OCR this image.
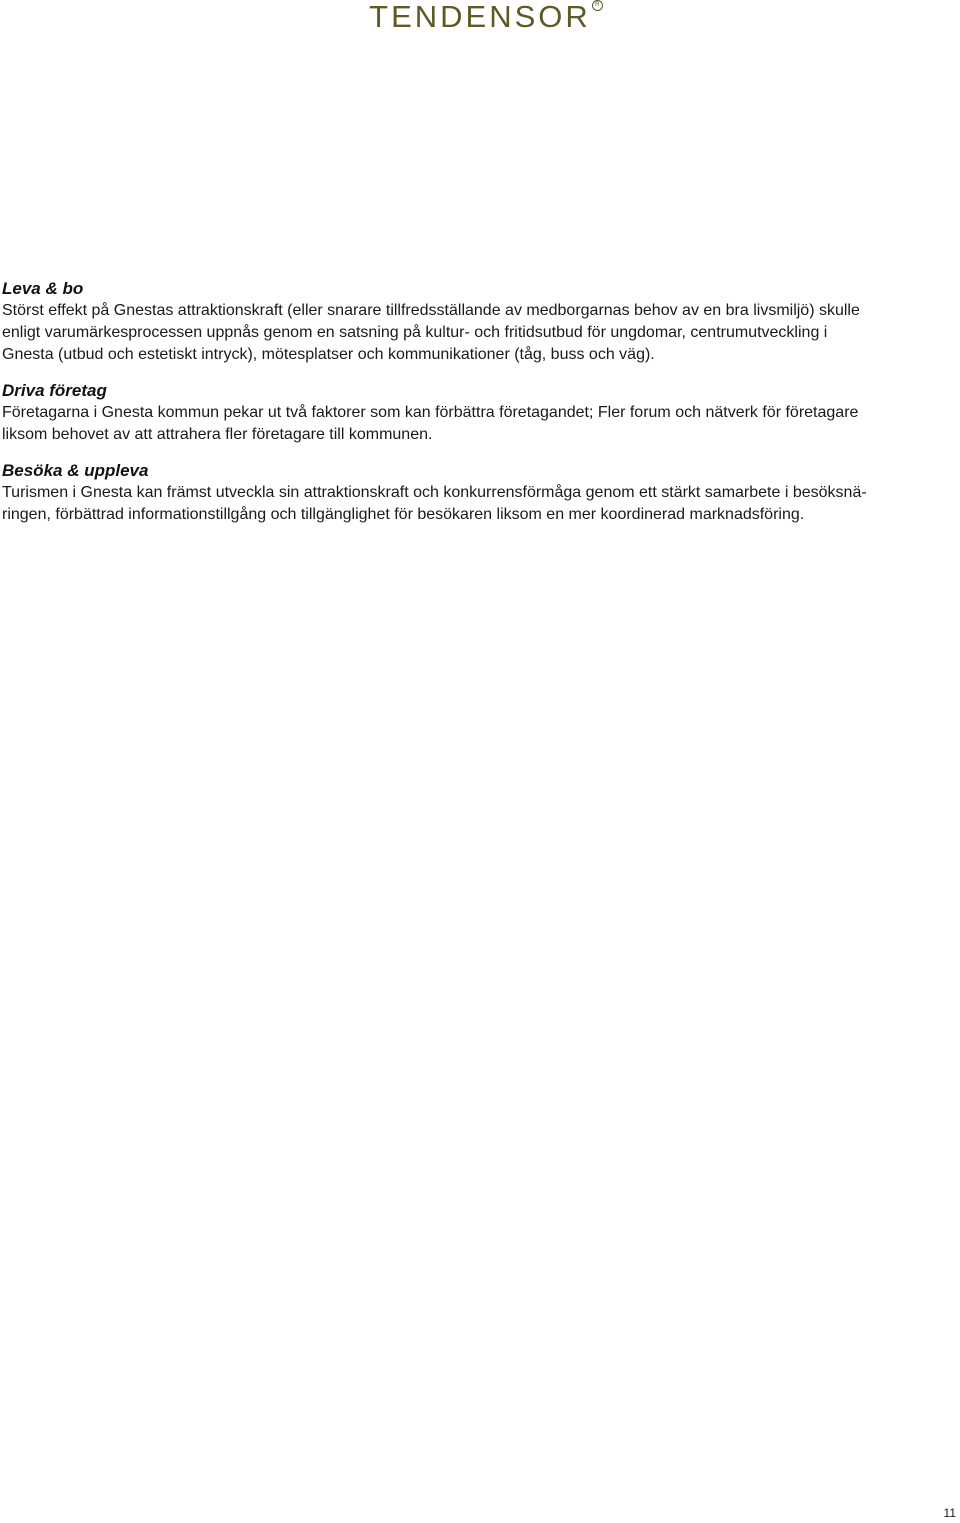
TENDENSOR R

Leva & bo

Störst effekt på Gnestas attraktionskraft (eller snarare tillfredsställande av medborgarnas behov av en bra livsmiljö) skulle

enligt varumärkesprocessen uppnås genom en satsning på kultur- och fritidsutbud för ungdomar, centrumutveckling i

Gnesta (utbud och estetiskt intryck), mötesplatser och kommunikationer (tåg, buss och väg).

Driva företag

Företagarna i Gnesta kommun pekar ut två faktorer som kan förbättra företagandet; Fler forum och nätverk för företagare

liksom behovet av att attrahera fler företagare till kommunen.

Besöka & uppleva

Turismen i Gnesta kan främst utveckla sin attraktionskraft och konkurrensförmåga genom ett stärkt samarbete i besöksnä-

ringen, förbättrad informationstillgång och tillgänglighet för besökaren liksom en mer koordinerad marknadsföring.

11
